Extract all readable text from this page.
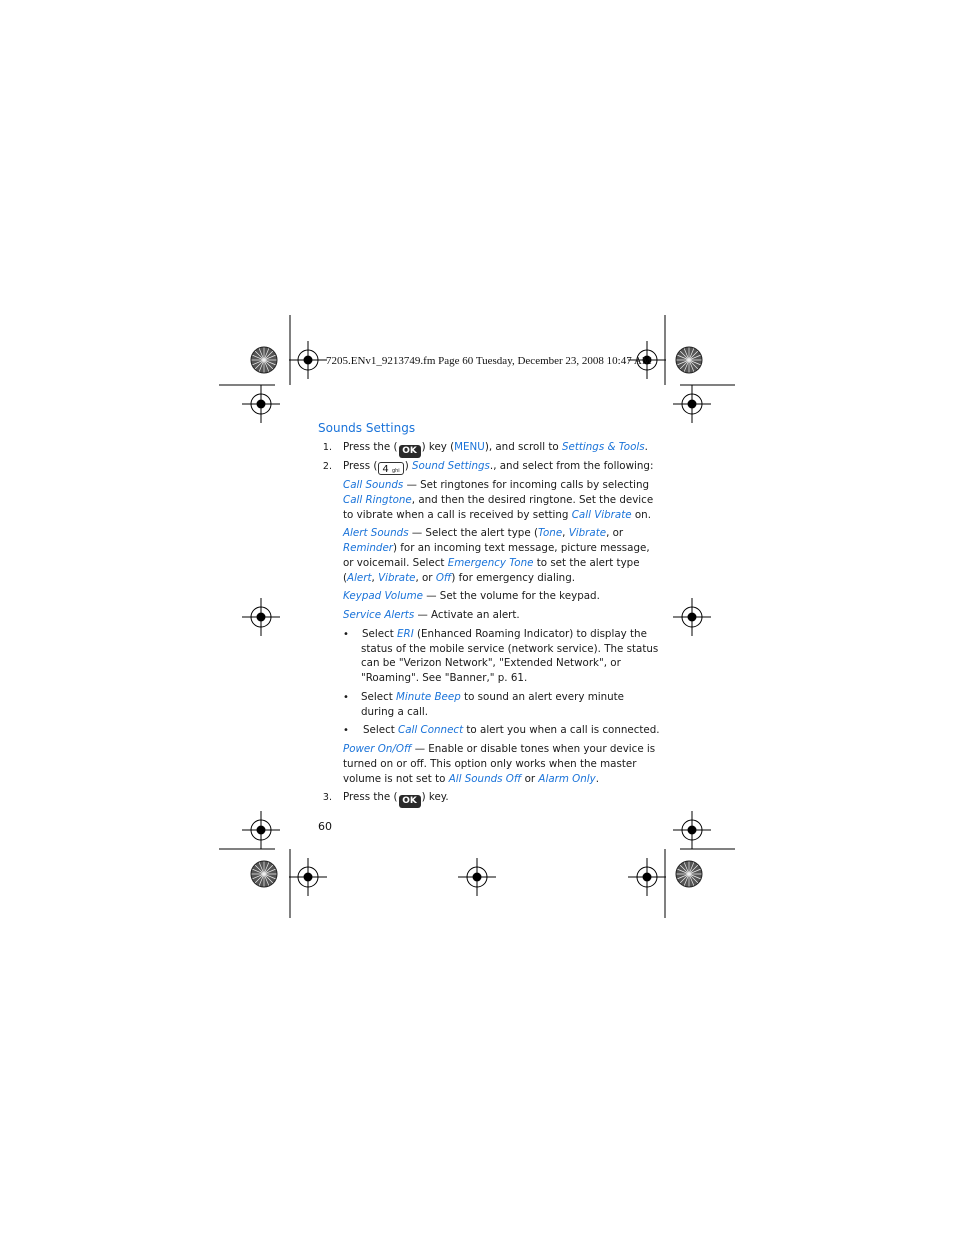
7205.ENv1_9213749.fm Page 60 Tuesday, December 23, 2008 10:47 AM
Sounds Settings
1. Press the ( OK ) key (MENU), and scroll to Settings & Tools.
2. Press ( 4 ghi ) Sound Settings., and select from the following:
Call Sounds — Set ringtones for incoming calls by selecting
Call Ringtone, and then the desired ringtone. Set the device
to vibrate when a call is received by setting Call Vibrate on.
Alert Sounds — Select the alert type (Tone, Vibrate, or
Reminder) for an incoming text message, picture message,
or voicemail. Select Emergency Tone to set the alert type
(Alert, Vibrate, or Off) for emergency dialing.
Keypad Volume — Set the volume for the keypad.
Service Alerts — Activate an alert.
• Select ERI (Enhanced Roaming Indicator) to display the
status of the mobile service (network service). The status
can be "Verizon Network", "Extended Network", or
"Roaming". See "Banner," p. 61.
• Select Minute Beep to sound an alert every minute
during a call.
• Select Call Connect to alert you when a call is connected.
Power On/Off — Enable or disable tones when your device is
turned on or off. This option only works when the master
volume is not set to All Sounds Off or Alarm Only.
3. Press the ( OK ) key.
60
